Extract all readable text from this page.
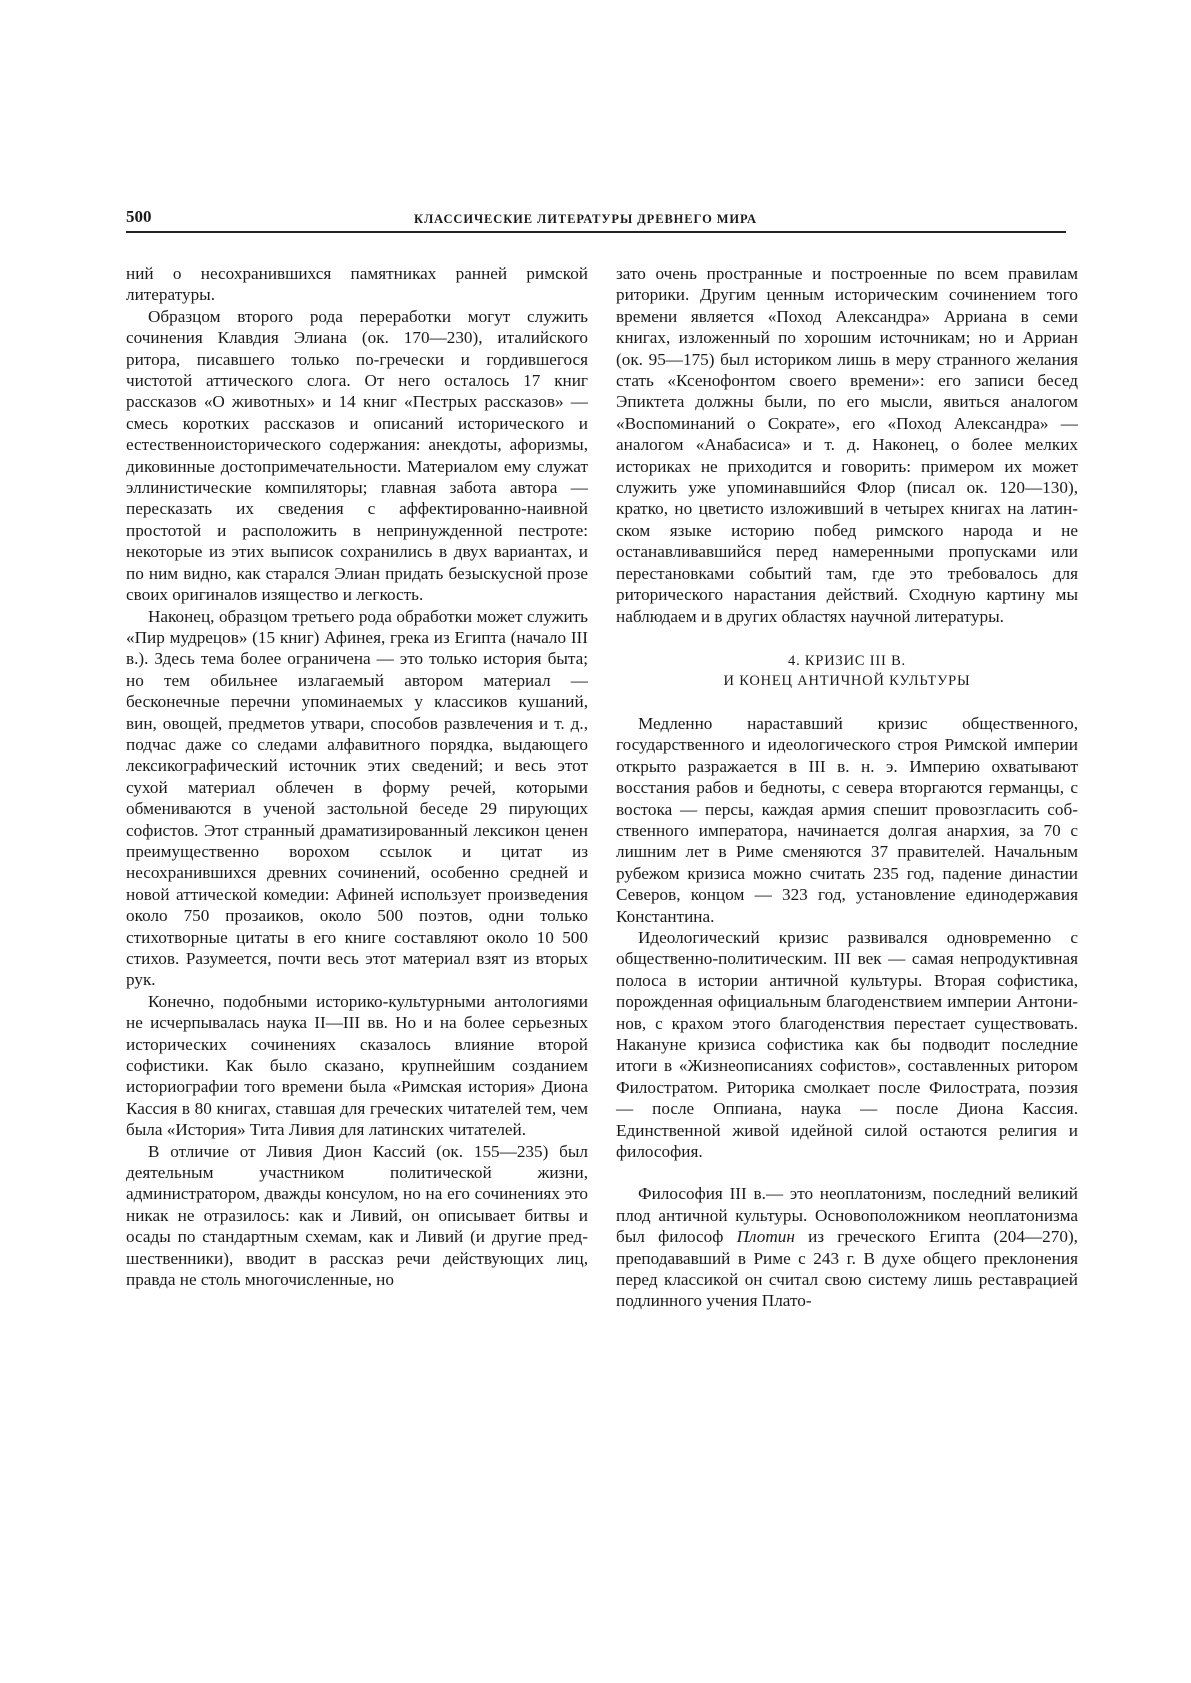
500	КЛАССИЧЕСКИЕ ЛИТЕРАТУРЫ ДРЕВНЕГО МИРА

ний о несохранившихся памятниках ранней римской литературы.

Образцом второго рода переработки могут служить сочинения Клавдия Элиана (ок. 170—230), италийского ритора, писавшего только по-гречески и гордившегося чистотой аттического слога. От него осталось 17 книг рассказов «О животных» и 14 книг «Пестрых рассказов» — смесь коротких рассказов и описаний исторического и естественноисторического содержания: анекдоты, афоризмы, диковинные достопримечательности. Материалом ему служат эллинистические компиляторы; главная забота автора — пересказать их сведения с аффектированно-наивной простотой и расположить в непринужденной пестроте: некоторые из этих выписок сохранились в двух вариантах, и по ним видно, как старался Элиан придать безыскусной прозе своих оригиналов изящество и легкость.

Наконец, образцом третьего рода обработки может служить «Пир мудрецов» (15 книг) Афинея, грека из Египта (начало III в.). Здесь тема более ограничена — это только история быта; но тем обильнее излагаемый автором материал — бесконечные перечни упоминаемых у классиков кушаний, вин, овощей, предметов утвари, способов развлечения и т. д., подчас даже со следами алфавитного порядка, выдающего лексикографический источник этих сведений; и весь этот сухой материал облечен в форму речей, которыми обмениваются в ученой застольной беседе 29 пирующих софистов. Этот странный драматизированный лексикон ценен преимущественно ворохом ссылок и цитат из несохранившихся древних сочинений, особенно средней и новой аттической комедии: Афиней использует произведения около 750 прозаиков, около 500 поэтов, одни только стихотворные цитаты в его книге составляют около 10 500 стихов. Разумеется, почти весь этот материал взят из вторых рук.

Конечно, подобными историко-культурными антологиями не исчерпывалась наука II—III вв. Но и на более серьезных исторических сочинениях сказалось влияние второй софистики. Как было сказано, крупнейшим созданием историографии того времени была «Римская история» Диона Кассия в 80 книгах, ставшая для греческих читателей тем, чем была «История» Тита Ливия для латинских читателей.

В отличие от Ливия Дион Кассий (ок. 155—235) был деятельным участником политической жизни, администратором, дважды консулом, но на его сочинениях это никак не отразилось: как и Ливий, он описывает битвы и осады по стандартным схемам, как и Ливий (и другие предшественники), вводит в рассказ речи действующих лиц, правда не столь многочисленные, но

зато очень пространные и построенные по всем правилам риторики. Другим ценным историческим сочинением того времени является «Поход Александра» Арриана в семи книгах, изложенный по хорошим источникам; но и Арриан (ок. 95—175) был историком лишь в меру странного желания стать «Ксенофонтом своего времени»: его записи бесед Эпиктета должны были, по его мысли, явиться аналогом «Воспоминаний о Сократе», его «Поход Александра» — аналогом «Анабасиса» и т. д. Наконец, о более мелких историках не приходится и говорить: примером их может служить уже упоминавшийся Флор (писал ок. 120—130), кратко, но цветисто изложивший в четырех книгах на латинском языке историю побед римского народа и не останавливавшийся перед намеренными пропусками или перестановками событий там, где это требовалось для риторического нарастания действий. Сходную картину мы наблюдаем и в других областях научной литературы.

4. КРИЗИС III В.
И КОНЕЦ АНТИЧНОЙ КУЛЬТУРЫ

Медленно нараставший кризис общественного, государственного и идеологического строя Римской империи открыто разражается в III в. н. э. Империю охватывают восстания рабов и бедноты, с севера вторгаются германцы, с востока — персы, каждая армия спешит провозгласить собственного императора, начинается долгая анархия, за 70 с лишним лет в Риме сменяются 37 правителей. Начальным рубежом кризиса можно считать 235 год, падение династии Северов, концом — 323 год, установление единодержавия Константина.

Идеологический кризис развивался одновременно с общественно-политическим. III век — самая непродуктивная полоса в истории античной культуры. Вторая софистика, порожденная официальным благоденствием империи Антонинов, с крахом этого благоденствия перестает существовать. Накануне кризиса софистика как бы подводит последние итоги в «Жизнеописаниях софистов», составленных ритором Филостратом. Риторика смолкает после Филострата, поэзия — после Оппиана, наука — после Диона Кассия. Единственной живой идейной силой остаются религия и философия.

Философия III в.— это неоплатонизм, последний великий плод античной культуры. Основоположником неоплатонизма был философ Плотин из греческого Египта (204—270), преподававший в Риме с 243 г. В духе общего преклонения перед классикой он считал свою систему лишь реставрацией подлинного учения Плато-
